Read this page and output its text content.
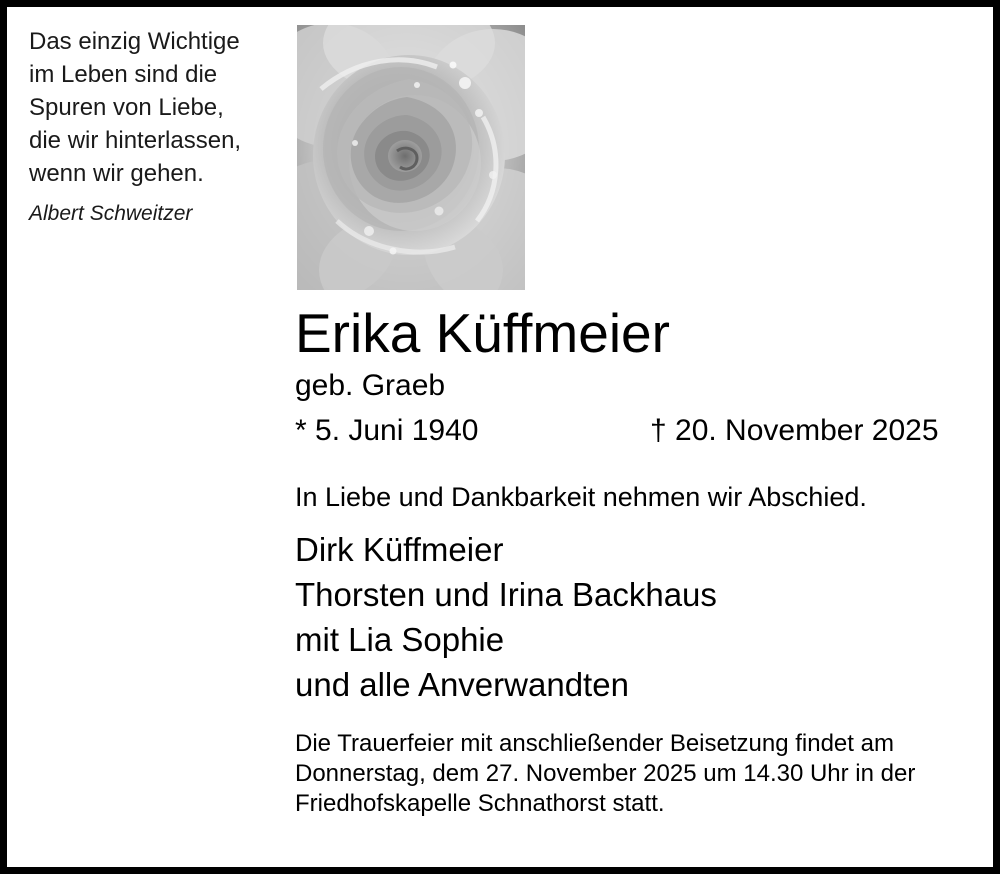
Das einzig Wichtige
im Leben sind die
Spuren von Liebe,
die wir hinterlassen,
wenn wir gehen.
Albert Schweitzer
Erika Küffmeier
geb. Graeb
* 5. Juni 1940	† 20. November 2025
In Liebe und Dankbarkeit nehmen wir Abschied.
Dirk Küffmeier
Thorsten und Irina Backhaus
mit Lia Sophie
und alle Anverwandten
Die Trauerfeier mit anschließender Beisetzung findet am
Donnerstag, dem 27. November 2025 um 14.30 Uhr in der
Friedhofskapelle Schnathorst statt.
